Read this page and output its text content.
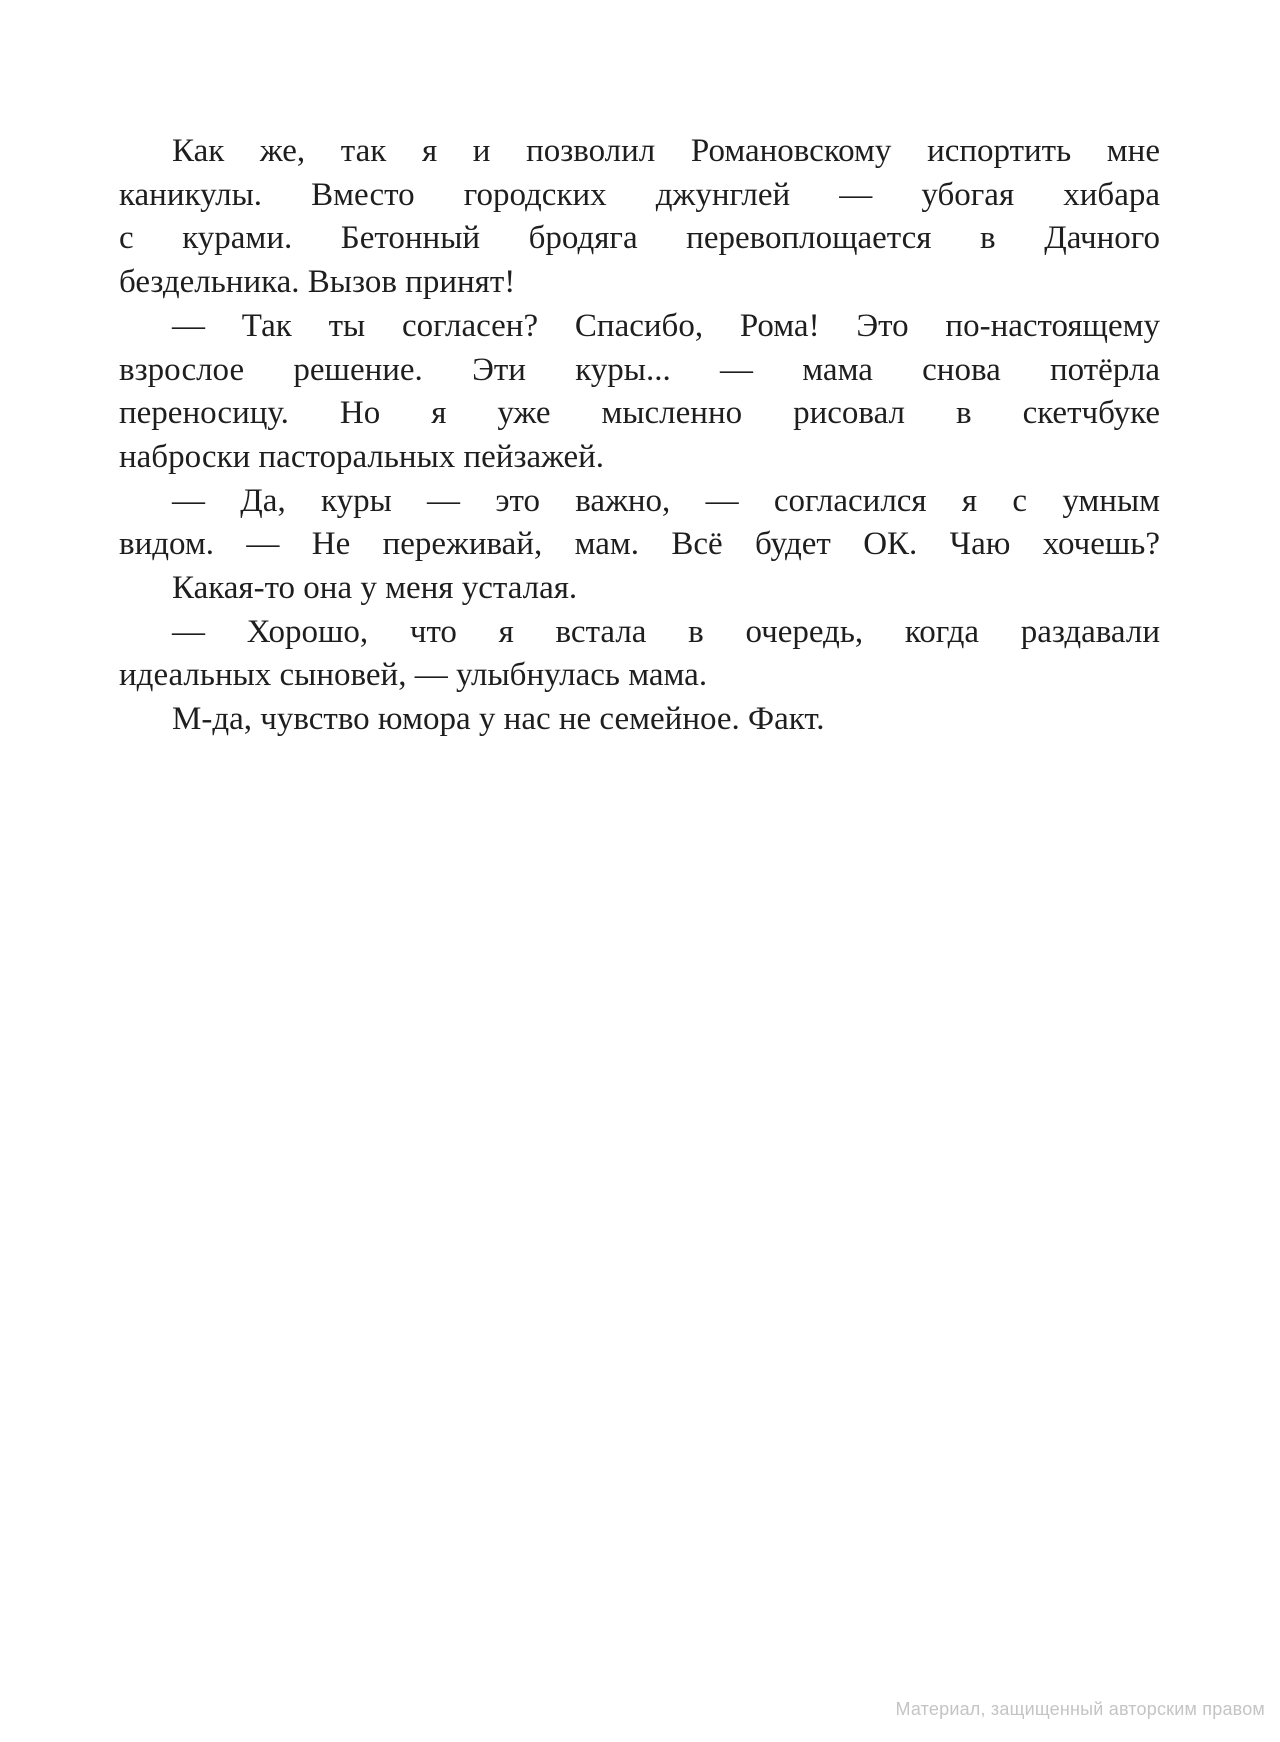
Как же, так я и позволил Романовскому испортить мне
каникулы. Вместо городских джунглей — убогая хибара
с курами. Бетонный бродяга перевоплощается в Дачного
бездельника. Вызов принят!
— Так ты согласен? Спасибо, Рома! Это по-настоящему
взрослое решение. Эти куры... — мама снова потёрла
переносицу. Но я уже мысленно рисовал в скетчбуке
наброски пасторальных пейзажей.
— Да, куры — это важно, — согласился я с умным
видом. — Не переживай, мам. Всё будет ОК. Чаю хочешь?
Какая-то она у меня усталая.
— Хорошо, что я встала в очередь, когда раздавали
идеальных сыновей, — улыбнулась мама.
М-да, чувство юмора у нас не семейное. Факт.
Материал, защищенный авторским правом
